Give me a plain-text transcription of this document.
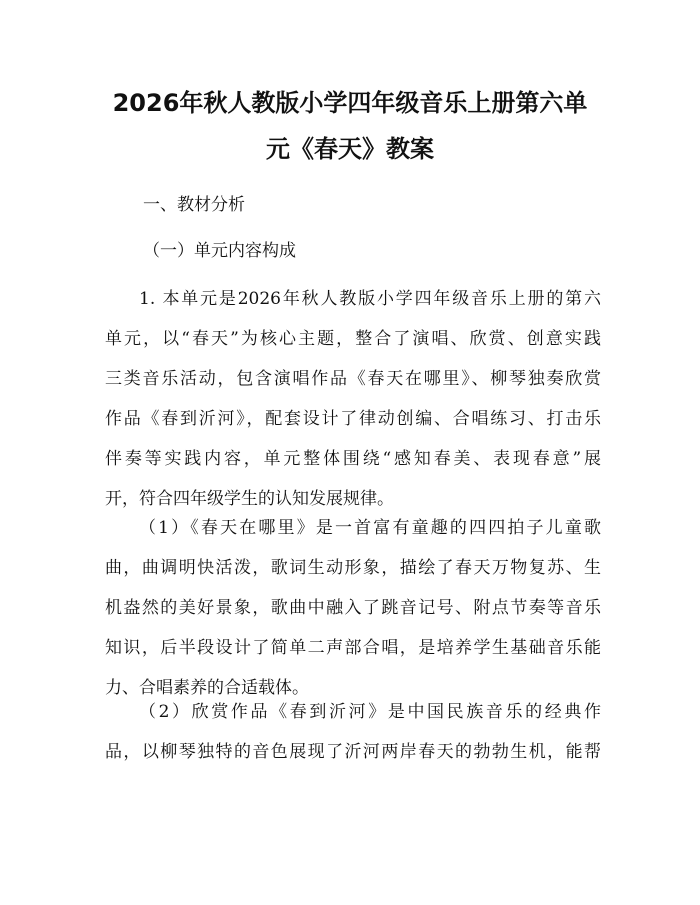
2026年秋人教版小学四年级音乐上册第六单
元《春天》教案

一、教材分析

（一）单元内容构成

1. 本单元是2026年秋人教版小学四年级音乐上册的第六
单元，以“春天”为核心主题，整合了演唱、欣赏、创意实践
三类音乐活动，包含演唱作品《春天在哪里》、柳琴独奏欣赏
作品《春到沂河》，配套设计了律动创编、合唱练习、打击乐
伴奏等实践内容，单元整体围绕“感知春美、表现春意”展
开，符合四年级学生的认知发展规律。
（1）《春天在哪里》是一首富有童趣的四四拍子儿童歌
曲，曲调明快活泼，歌词生动形象，描绘了春天万物复苏、生
机盎然的美好景象，歌曲中融入了跳音记号、附点节奏等音乐
知识，后半段设计了简单二声部合唱，是培养学生基础音乐能
力、合唱素养的合适载体。
（2）欣赏作品《春到沂河》是中国民族音乐的经典作
品，以柳琴独特的音色展现了沂河两岸春天的勃勃生机，能帮
